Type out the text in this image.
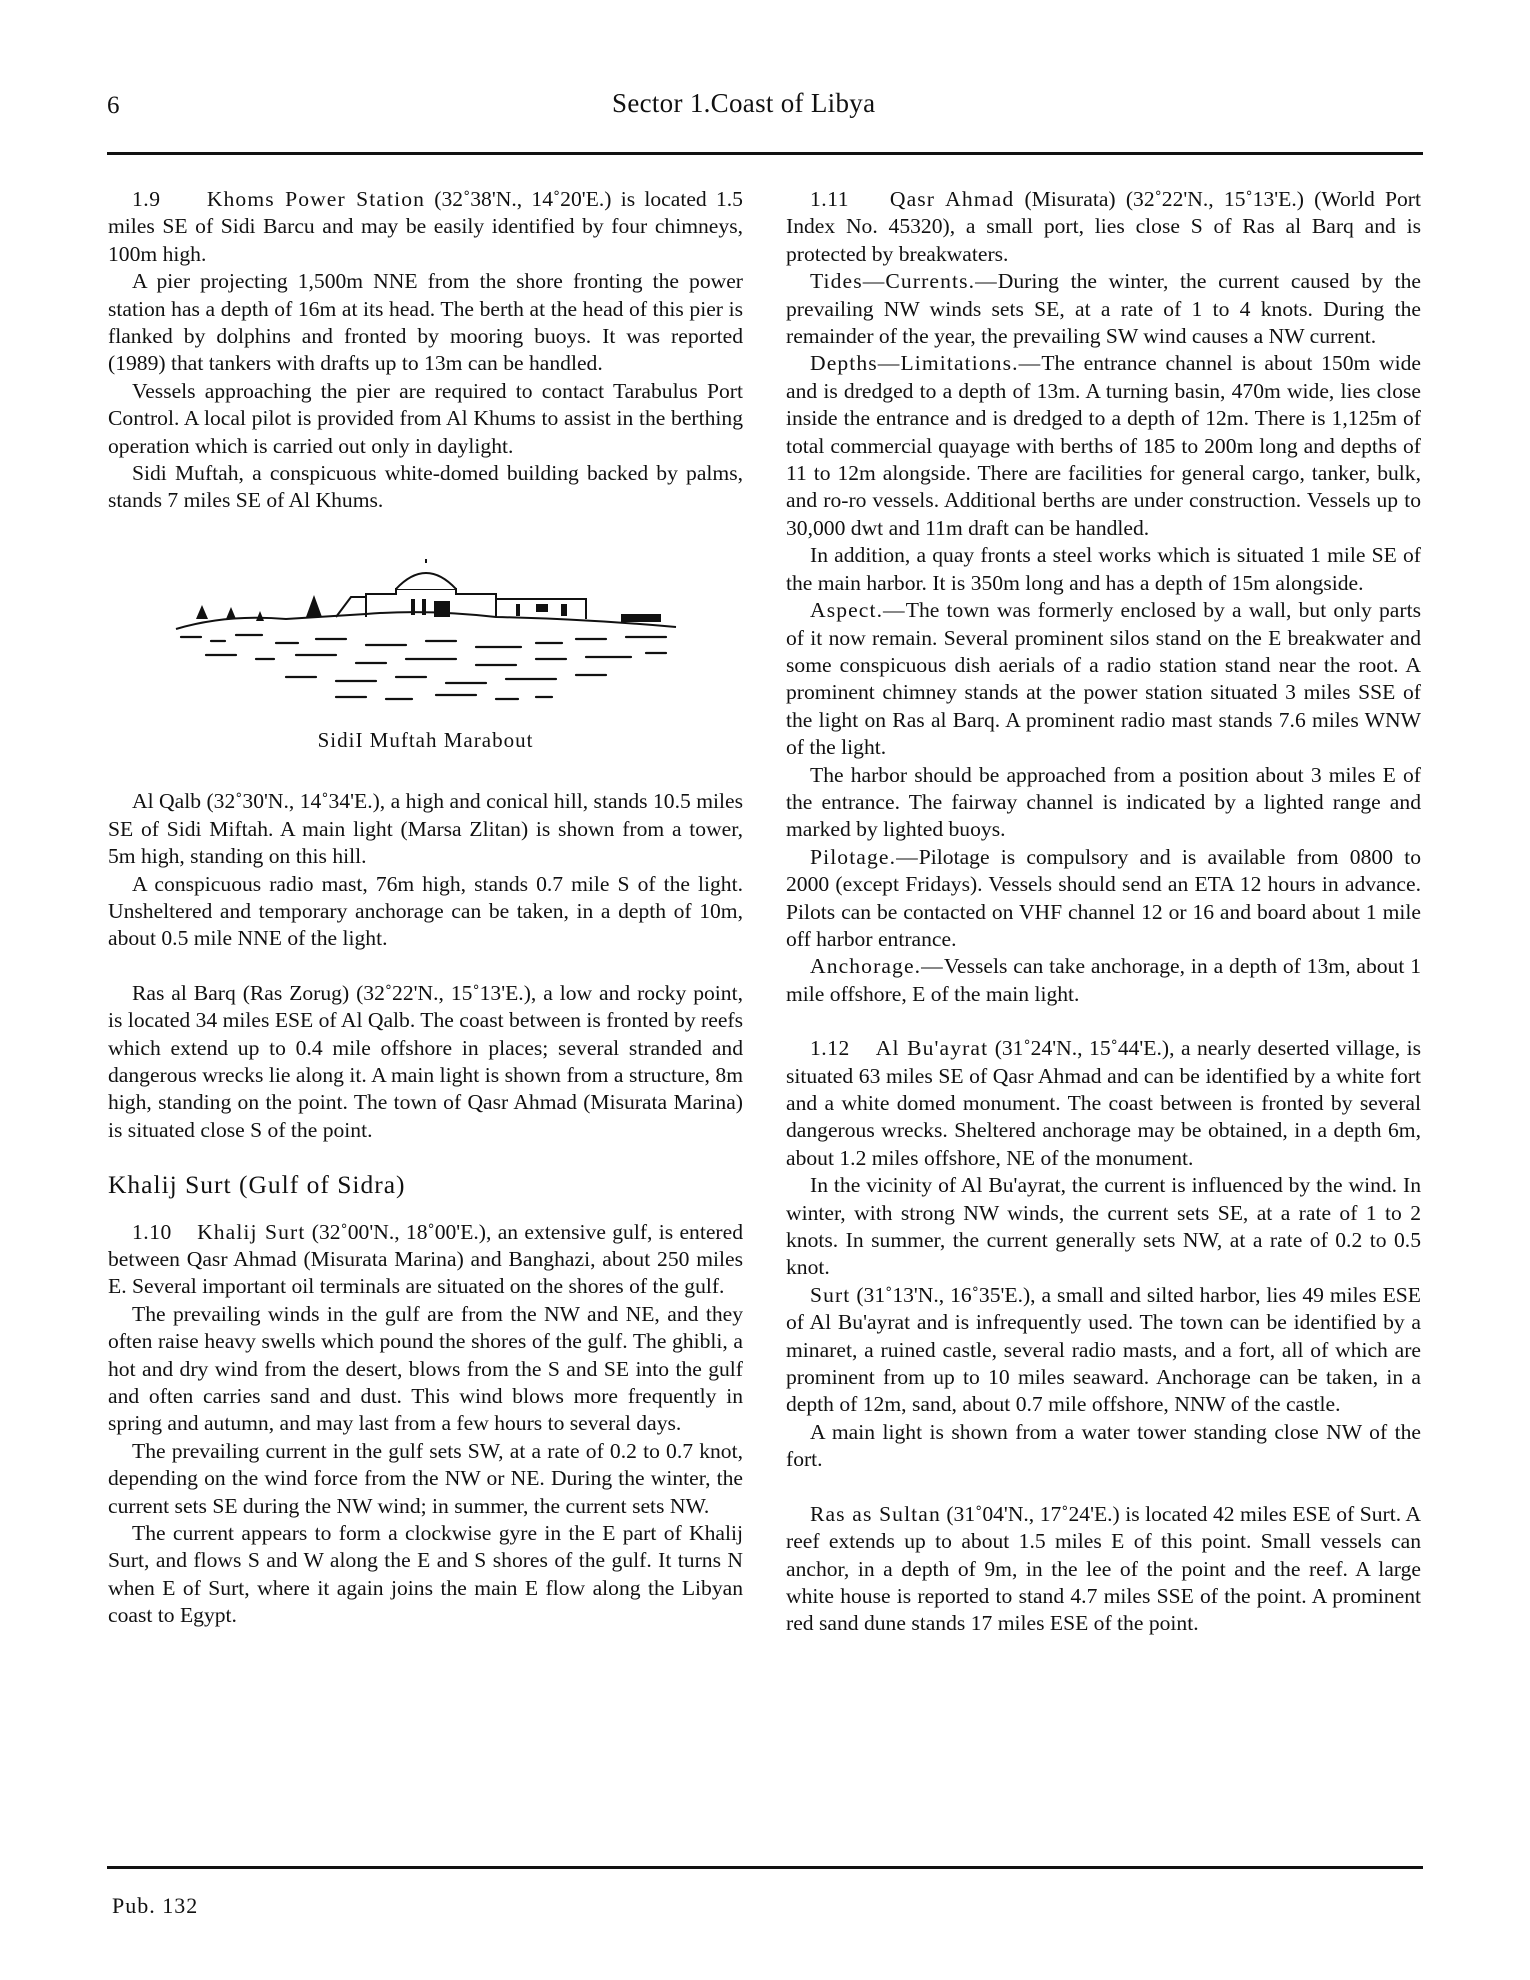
6	Sector 1.Coast of Libya

1.9 Khoms Power Station (32˚38'N., 14˚20'E.) is located 1.5 miles SE of Sidi Barcu and may be easily identified by four chimneys, 100m high.

A pier projecting 1,500m NNE from the shore fronting the power station has a depth of 16m at its head. The berth at the head of this pier is flanked by dolphins and fronted by mooring buoys. It was reported (1989) that tankers with drafts up to 13m can be handled.

Vessels approaching the pier are required to contact Tarabulus Port Control. A local pilot is provided from Al Khums to assist in the berthing operation which is carried out only in daylight.

Sidi Muftah, a conspicuous white-domed building backed by palms, stands 7 miles SE of Al Khums.

SidiI Muftah Marabout

Al Qalb (32˚30'N., 14˚34'E.), a high and conical hill, stands 10.5 miles SE of Sidi Miftah. A main light (Marsa Zlitan) is shown from a tower, 5m high, standing on this hill.

A conspicuous radio mast, 76m high, stands 0.7 mile S of the light. Unsheltered and temporary anchorage can be taken, in a depth of 10m, about 0.5 mile NNE of the light.

Ras al Barq (Ras Zorug) (32˚22'N., 15˚13'E.), a low and rocky point, is located 34 miles ESE of Al Qalb. The coast between is fronted by reefs which extend up to 0.4 mile offshore in places; several stranded and dangerous wrecks lie along it. A main light is shown from a structure, 8m high, standing on the point. The town of Qasr Ahmad (Misurata Marina) is situated close S of the point.

Khalij Surt (Gulf of Sidra)

1.10 Khalij Surt (32˚00'N., 18˚00'E.), an extensive gulf, is entered between Qasr Ahmad (Misurata Marina) and Banghazi, about 250 miles E. Several important oil terminals are situated on the shores of the gulf.

The prevailing winds in the gulf are from the NW and NE, and they often raise heavy swells which pound the shores of the gulf. The ghibli, a hot and dry wind from the desert, blows from the S and SE into the gulf and often carries sand and dust. This wind blows more frequently in spring and autumn, and may last from a few hours to several days.

The prevailing current in the gulf sets SW, at a rate of 0.2 to 0.7 knot, depending on the wind force from the NW or NE. During the winter, the current sets SE during the NW wind; in summer, the current sets NW.

The current appears to form a clockwise gyre in the E part of Khalij Surt, and flows S and W along the E and S shores of the gulf. It turns N when E of Surt, where it again joins the main E flow along the Libyan coast to Egypt.

1.11 Qasr Ahmad (Misurata) (32˚22'N., 15˚13'E.) (World Port Index No. 45320), a small port, lies close S of Ras al Barq and is protected by breakwaters.

Tides—Currents.—During the winter, the current caused by the prevailing NW winds sets SE, at a rate of 1 to 4 knots. During the remainder of the year, the prevailing SW wind causes a NW current.

Depths—Limitations.—The entrance channel is about 150m wide and is dredged to a depth of 13m. A turning basin, 470m wide, lies close inside the entrance and is dredged to a depth of 12m. There is 1,125m of total commercial quayage with berths of 185 to 200m long and depths of 11 to 12m alongside. There are facilities for general cargo, tanker, bulk, and ro-ro vessels. Additional berths are under construction. Vessels up to 30,000 dwt and 11m draft can be handled.

In addition, a quay fronts a steel works which is situated 1 mile SE of the main harbor. It is 350m long and has a depth of 15m alongside.

Aspect.—The town was formerly enclosed by a wall, but only parts of it now remain. Several prominent silos stand on the E breakwater and some conspicuous dish aerials of a radio station stand near the root. A prominent chimney stands at the power station situated 3 miles SSE of the light on Ras al Barq. A prominent radio mast stands 7.6 miles WNW of the light.

The harbor should be approached from a position about 3 miles E of the entrance. The fairway channel is indicated by a lighted range and marked by lighted buoys.

Pilotage.—Pilotage is compulsory and is available from 0800 to 2000 (except Fridays). Vessels should send an ETA 12 hours in advance. Pilots can be contacted on VHF channel 12 or 16 and board about 1 mile off harbor entrance.

Anchorage.—Vessels can take anchorage, in a depth of 13m, about 1 mile offshore, E of the main light.

1.12 Al Bu'ayrat (31˚24'N., 15˚44'E.), a nearly deserted village, is situated 63 miles SE of Qasr Ahmad and can be identified by a white fort and a white domed monument. The coast between is fronted by several dangerous wrecks. Sheltered anchorage may be obtained, in a depth 6m, about 1.2 miles offshore, NE of the monument.

In the vicinity of Al Bu'ayrat, the current is influenced by the wind. In winter, with strong NW winds, the current sets SE, at a rate of 1 to 2 knots. In summer, the current generally sets NW, at a rate of 0.2 to 0.5 knot.

Surt (31˚13'N., 16˚35'E.), a small and silted harbor, lies 49 miles ESE of Al Bu'ayrat and is infrequently used. The town can be identified by a minaret, a ruined castle, several radio masts, and a fort, all of which are prominent from up to 10 miles seaward. Anchorage can be taken, in a depth of 12m, sand, about 0.7 mile offshore, NNW of the castle.

A main light is shown from a water tower standing close NW of the fort.

Ras as Sultan (31˚04'N., 17˚24'E.) is located 42 miles ESE of Surt. A reef extends up to about 1.5 miles E of this point. Small vessels can anchor, in a depth of 9m, in the lee of the point and the reef. A large white house is reported to stand 4.7 miles SSE of the point. A prominent red sand dune stands 17 miles ESE of the point.

Pub. 132
